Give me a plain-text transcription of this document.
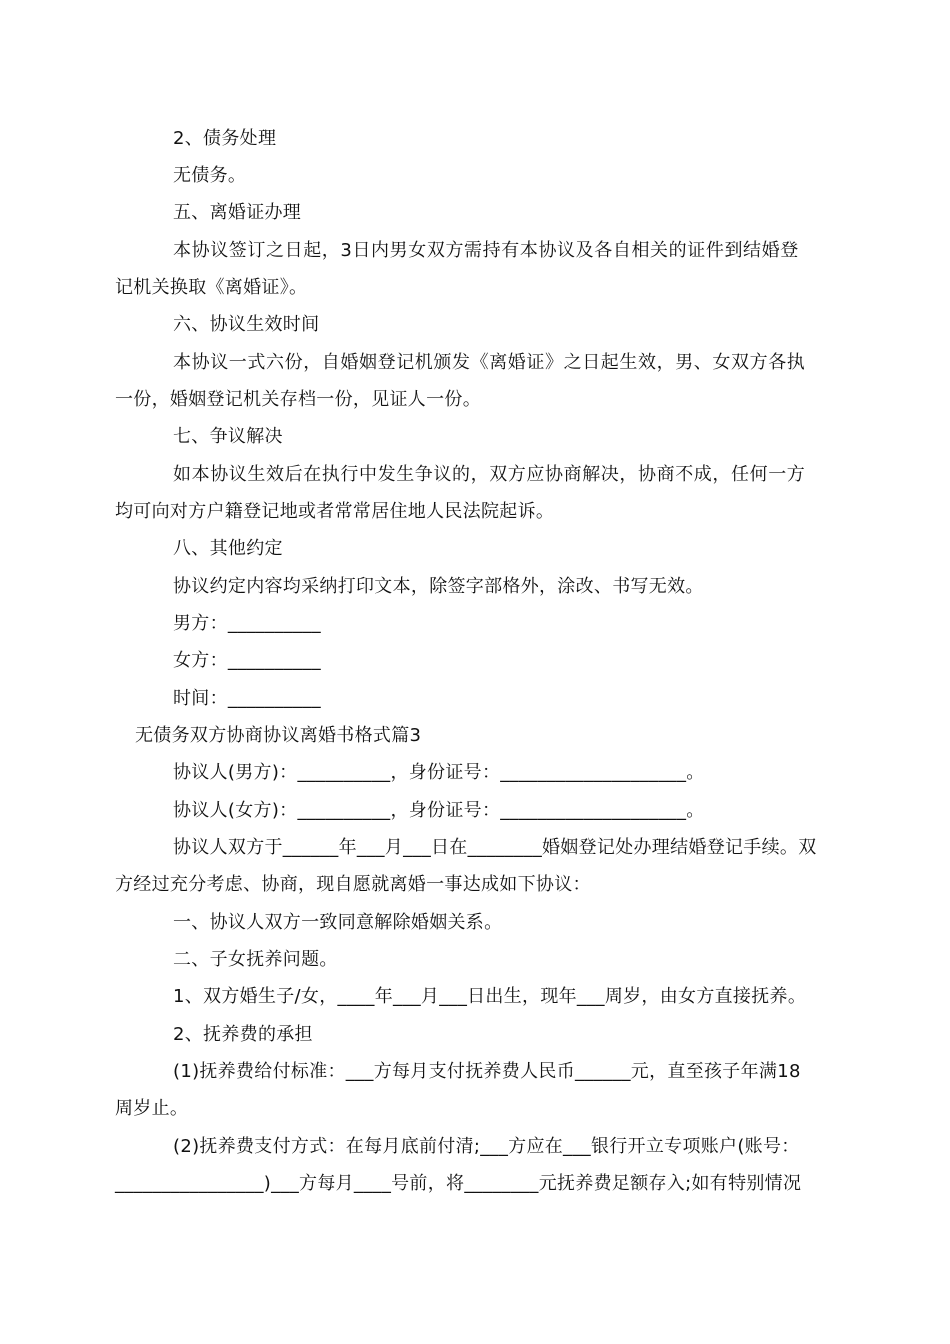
2、债务处理
无债务。
五、离婚证办理
本协议签订之日起，3日内男女双方需持有本协议及各自相关的证件到结婚登
记机关换取《离婚证》。
六、协议生效时间
本协议一式六份，自婚姻登记机颁发《离婚证》之日起生效，男、女双方各执
一份，婚姻登记机关存档一份，见证人一份。
七、争议解决
如本协议生效后在执行中发生争议的，双方应协商解决，协商不成，任何一方
均可向对方户籍登记地或者常常居住地人民法院起诉。
八、其他约定
协议约定内容均采纳打印文本，除签字部格外，涂改、书写无效。
男方：__________
女方：__________
时间：__________
无债务双方协商协议离婚书格式篇3
协议人(男方)：__________，身份证号：____________________。
协议人(女方)：__________，身份证号：____________________。
协议人双方于______年___月___日在________婚姻登记处办理结婚登记手续。双
方经过充分考虑、协商，现自愿就离婚一事达成如下协议：
一、协议人双方一致同意解除婚姻关系。
二、子女抚养问题。
1、双方婚生子/女，____年___月___日出生，现年___周岁，由女方直接抚养。
2、抚养费的承担
(1)抚养费给付标准：___方每月支付抚养费人民币______元，直至孩子年满18
周岁止。
(2)抚养费支付方式：在每月底前付清;___方应在___银行开立专项账户(账号：
________________)___方每月____号前，将________元抚养费足额存入;如有特别情况
